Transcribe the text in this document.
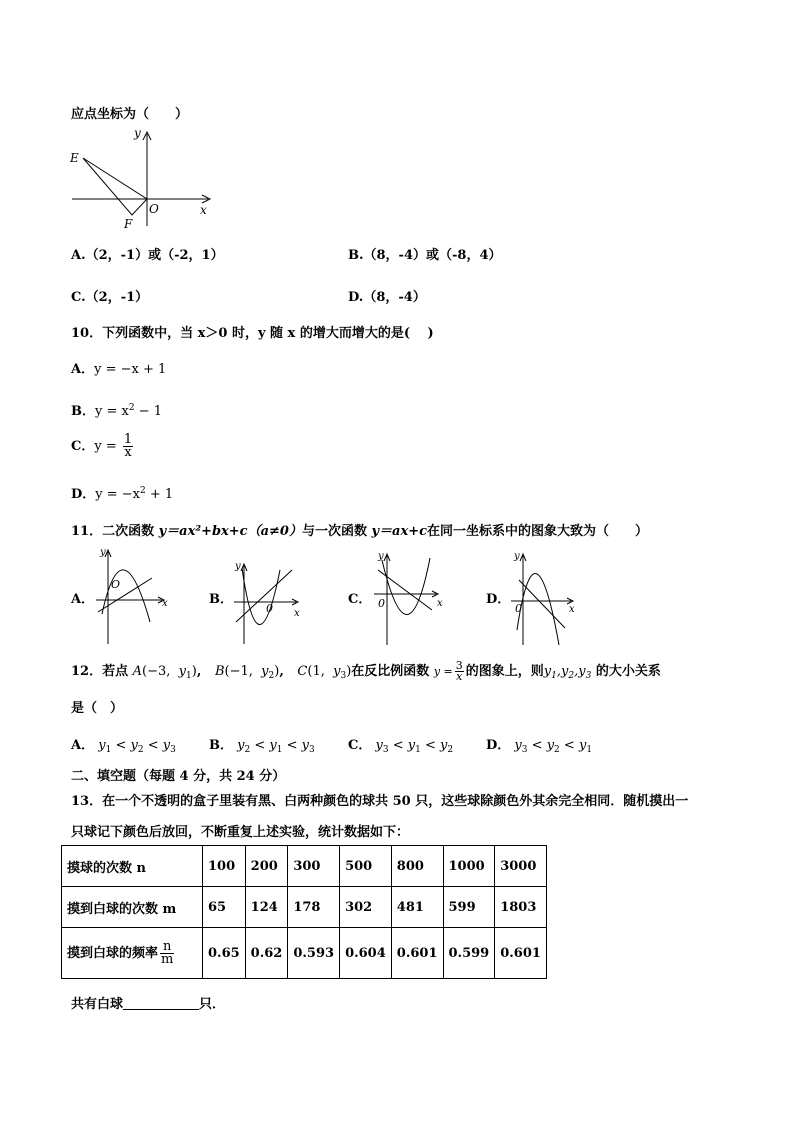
应点坐标为（　　）
E
F
O	x
y
A.（2，-1）或（-2，1）	B.（8，-4）或（-8，4）
C.（2，-1）	D.（8，-4）
10．下列函数中，当 x＞0 时，y 随 x 的增大而增大的是(　 )
A．y = −x + 1
B．$y = x^2 - 1$
C．$y = \frac{1}{x}$
D．$y = -x^2 + 1$
11．二次函数 y＝ax²+bx+c（a≠0）与一次函数 y＝ax+c在同一坐标系中的图象大致为（　　）
A．
y
x
O
B．
y
x
0
C．
y
x
0	D．
y
x
0
12．若点 A(−3, $y_1$),   B(−1, $y_2$),   C(1, $y_3$)在反比例函数 $y = \frac{3}{x}$ 的图象上，则$y_1,y_2,y_3$ 的大小关系
是（　）
A． $y_1 < y_2 < y_3$	B． $y_2 < y_1 < y_3$	C． $y_3 < y_1 < y_2$	D． $y_3 < y_2 < y_1$
二、填空题（每题 4 分，共 24 分）
13．在一个不透明的盒子里装有黑、白两种颜色的球共 50 只，这些球除颜色外其余完全相同．随机摸出一
只球记下颜色后放回，不断重复上述实验，统计数据如下：
摸球的次数 n	100	200	300	500	800	1000	3000
摸到白球的次数 m	65	124	178	302	481	599	1803
摸到白球的频率 $\frac{n}{m}$	0.65	0.62	0.593	0.604	0.601	0.599	0.601
共有白球	只．
